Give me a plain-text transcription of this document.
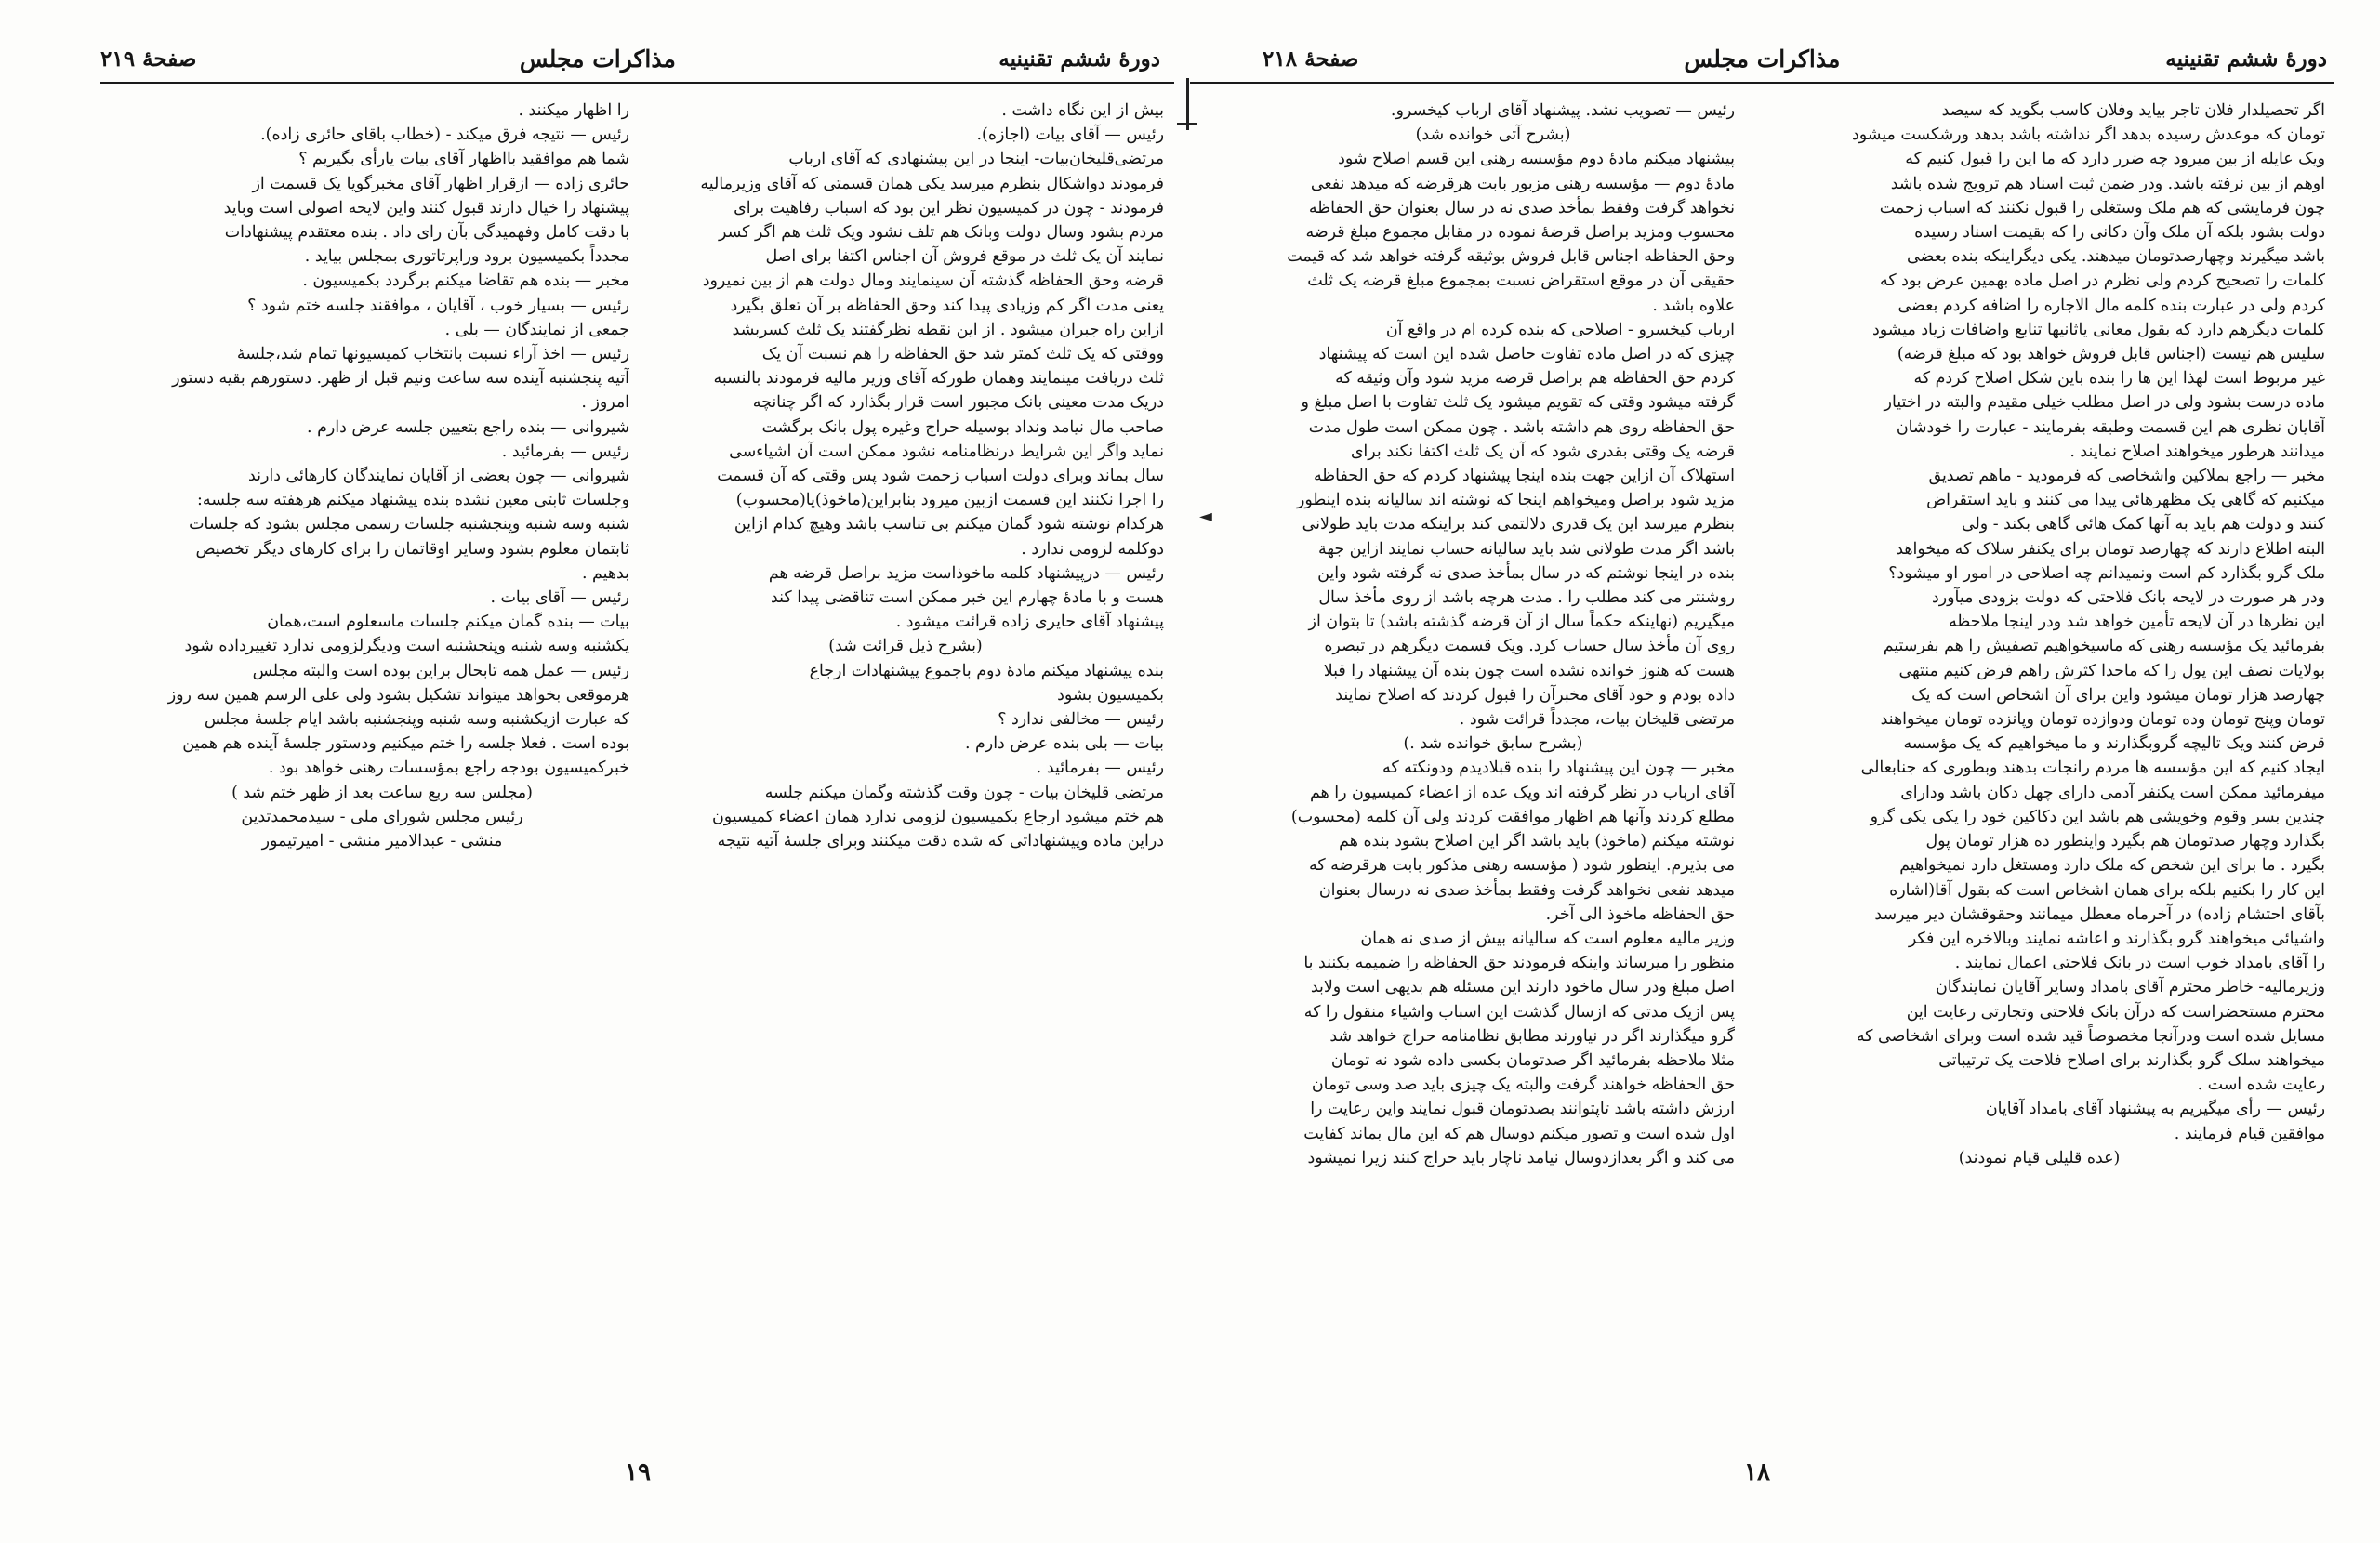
دورهٔ ششم تقنینیه
مذاکرات مجلس
صفحهٔ ۲۱۹

بیش از این نگاه داشت .

رئیس — آقای بیات (اجازه).

مرتضی‌قلیخان‌بیات- اینجا در این پیشنهادی که آقای ارباب

فرمودند دواشکال بنظرم میرسد یکی همان قسمتی که آقای وزیرمالیه

فرمودند - چون در کمیسیون نظر این بود که اسباب رفاهیت برای

مردم بشود وسال دولت وبانک هم تلف نشود ویک ثلث هم اگر کسر

نمایند آن یک ثلث در موقع فروش آن اجناس اکتفا برای اصل

قرضه وحق الحفاظه گذشته آن سینمایند ومال دولت هم از بین نمیرود

یعنی مدت اگر کم وزیادی پیدا کند وحق الحفاظه بر آن تعلق بگیرد

ازاین راه جبران میشود . از این نقطه نظرگفتند یک ثلث کسربشد

ووقتی که یک ثلث کمتر شد حق الحفاظه را هم نسبت آن یک

ثلث دریافت مینمایند وهمان طورکه آقای وزیر مالیه فرمودند بالنسبه

دریک مدت معینی بانک مجبور است قرار بگذارد که اگر چنانچه

صاحب مال نیامد ونداد بوسیله حراج وغیره پول بانک برگشت

نماید واگر این شرایط درنظامنامه نشود ممکن است آن اشیاءسی

سال بماند وبرای دولت اسباب زحمت شود پس وقتی که آن قسمت

را اجرا نکنند این قسمت ازبین میرود بنابراین(ماخوذ)یا(محسوب)

هرکدام نوشته شود گمان میکنم بی تناسب باشد وهیچ کدام ازاین

دوکلمه لزومی ندارد .

رئیس — درپیشنهاد کلمه ماخوذاست مزید براصل قرضه هم

هست و با مادهٔ چهارم این خبر ممکن است تناقضی پیدا کند

پیشنهاد آقای حایری زاده قرائت میشود .

(بشرح ذیل قرائت شد)

بنده پیشنهاد میکنم مادهٔ دوم باجموع پیشنهادات ارجاع

بکمیسیون بشود

رئیس — مخالفی ندارد ؟

بیات — بلی بنده عرض دارم .

رئیس — بفرمائید .

مرتضی قلیخان بیات - چون وقت گذشته وگمان میکنم جلسه

هم ختم میشود ارجاع بکمیسیون لزومی ندارد همان اعضاء کمیسیون

دراین ماده وپیشنهاداتی که شده دقت میکنند وبرای جلسهٔ آتیه نتیجه

را اظهار میکنند .

رئیس — نتیجه فرق میکند - (خطاب باقای حائری زاده).

شما هم موافقید بااظهار آقای بیات یارأی بگیریم ؟

حائری زاده — ازقرار اظهار آقای مخبرگویا یک قسمت از

پیشنهاد را خیال دارند قبول کنند واین لایحه اصولی است وباید

با دقت کامل وفهمیدگی بآن رای داد . بنده معتقدم پیشنهادات

مجدداً بکمیسیون برود وراپرتاتوری بمجلس بیاید .

مخبر — بنده هم تقاضا میکنم برگردد بکمیسیون .

رئیس — بسیار خوب ، آقایان ، موافقند جلسه ختم شود ؟

جمعی از نمایندگان — بلی .

رئیس — اخذ آراء نسبت بانتخاب کمیسیونها تمام شد،جلسهٔ

آتیه پنجشنبه آینده سه ساعت ونیم قبل از ظهر. دستورهم بقیه دستور

امروز .

شیروانی — بنده راجع بتعیین جلسه عرض دارم .

رئیس — بفرمائید .

شیروانی — چون بعضی از آقایان نمایندگان کارهائی دارند

وجلسات ثابتی معین نشده بنده پیشنهاد میکنم هرهفته سه جلسه:

شنبه وسه شنبه وپنجشنبه جلسات رسمی مجلس بشود که جلسات

ثابتمان معلوم بشود وسایر اوقاتمان را برای کارهای دیگر تخصیص

بدهیم .

رئیس — آقای بیات .

بیات — بنده گمان میکنم جلسات ماسعلوم است،همان

یکشنبه وسه شنبه وپنجشنبه است ودیگرلزومی ندارد تغییرداده شود

رئیس — عمل همه تابحال براین بوده است والبته مجلس

هرموقعی بخواهد میتواند تشکیل بشود ولی علی الرسم همین سه روز

که عبارت ازیکشنبه وسه شنبه وپنجشنبه باشد ایام جلسهٔ مجلس

بوده است . فعلا جلسه را ختم میکنیم ودستور جلسهٔ آینده هم همین

خبرکمیسیون بودجه راجع بمؤسسات رهنی خواهد بود .

(مجلس سه ربع ساعت بعد از ظهر ختم شد )

رئیس مجلس شورای ملی - سیدمحمدتدین

منشی - عبدالامیر منشی - امیرتیمور

۱۹
دورهٔ ششم تقنینیه
مذاکرات مجلس
صفحهٔ ۲۱۸
◄

اگر تحصیلدار فلان تاجر بیاید وفلان کاسب بگوید که سیصد

تومان که موعدش رسیده بدهد اگر نداشته باشد بدهد ورشکست میشود

ویک عایله از بین میرود چه ضرر دارد که ما این را قبول کنیم که

اوهم از بین نرفته باشد. ودر ضمن ثبت اسناد هم ترویج شده باشد

چون فرمایشی که هم ملک وستغلی را قبول نکنند که اسباب زحمت

دولت بشود بلکه آن ملک وآن دکانی را که بقیمت اسناد رسیده

باشد میگیرند وچهارصدتومان میدهند. یکی دیگراینکه بنده بعضی

کلمات را تصحیح کردم ولی نظرم در اصل ماده بهمین عرض بود که

کردم ولی در عبارت بنده کلمه مال الاجاره را اضافه کردم بعضی

کلمات دیگرهم دارد که بقول معانی یاثانیها تنابع واضافات زیاد میشود

سلیس هم نیست (اجناس قابل فروش خواهد بود که مبلغ قرضه)

غیر مربوط است لهذا این ها را بنده باین شکل اصلاح کردم که

ماده درست بشود ولی در اصل مطلب خیلی مقیدم والبته در اختیار

آقایان نظری هم این قسمت وطبقه بفرمایند - عبارت را خودشان

میدانند هرطور میخواهند اصلاح نمایند .

مخبر — راجع بملاکین واشخاصی که فرمودید - ماهم تصدیق

میکنیم که گاهی یک مظهرهائی پیدا می کنند و باید استقراض

کنند و دولت هم باید به آنها کمک هائی گاهی بکند - ولی

البته اطلاع دارند که چهارصد تومان برای یکنفر سلاک که میخواهد

ملک گرو بگذارد کم است ونمیدانم چه اصلاحی در امور او میشود؟

ودر هر صورت در لایحه بانک فلاحتی که دولت بزودی میآورد

این نظرها در آن لایحه تأمین خواهد شد ودر اینجا ملاحظه

بفرمائید یک مؤسسه رهنی که ماسیخواهیم تصفیش را هم بفرستیم

بولایات نصف این پول را که ماحدا کثرش راهم فرض کنیم منتهی

چهارصد هزار تومان میشود واین برای آن اشخاص است که یک

تومان وپنج تومان وده تومان ودوازده تومان وپانزده تومان میخواهند

قرض کنند ویک تالیچه گروبگذارند و ما میخواهیم که یک مؤسسه

ایجاد کنیم که این مؤسسه ها مردم رانجات بدهند وبطوری که جنابعالی

میفرمائید ممکن است یکنفر آدمی دارای چهل دکان باشد ودارای

چندین بسر وقوم وخویشی هم باشد این دکاکین خود را یکی یکی گرو

بگذارد وچهار صدتومان هم بگیرد واینطور ده هزار تومان پول

بگیرد . ما برای این شخص که ملک دارد ومستغل دارد نمیخواهیم

این کار را بکنیم بلکه برای همان اشخاص است که بقول آقا(اشاره

بآقای احتشام زاده) در آخرماه معطل میمانند وحقوقشان دیر میرسد

واشیائی میخواهند گرو بگذارند و اعاشه نمایند وبالاخره این فکر

را آقای بامداد خوب است در بانک فلاحتی اعمال نمایند .

وزیرمالیه- خاطر محترم آقای بامداد وسایر آقایان نمایندگان

محترم مستحضراست که درآن بانک فلاحتی وتجارتی رعایت این

مسایل شده است ودرآنجا مخصوصاً قید شده است وبرای اشخاصی که

میخواهند سلک گرو بگذارند برای اصلاح فلاحت یک ترتیباتی

رعایت شده است .

رئیس — رأی میگیریم به پیشنهاد آقای بامداد آقایان

موافقین قیام فرمایند .

(عده قلیلی قیام نمودند)

رئیس — تصویب نشد. پیشنهاد آقای ارباب کیخسرو.

(بشرح آتی خوانده شد)

پیشنهاد میکنم مادهٔ دوم مؤسسه رهنی این قسم اصلاح شود

مادهٔ دوم — مؤسسه رهنی مزبور بابت هرقرضه که میدهد نفعی

نخواهد گرفت وفقط بمأخذ صدی نه در سال بعنوان حق الحفاظه

محسوب ومزید براصل قرضهٔ نموده در مقابل مجموع مبلغ قرضه

وحق الحفاظه اجناس قابل فروش بوثیقه گرفته خواهد شد که قیمت

حقیقی آن در موقع استقراض نسبت بمجموع مبلغ قرضه یک ثلث

علاوه باشد .

ارباب کیخسرو - اصلاحی که بنده کرده ام در واقع آن

چیزی که در اصل ماده تفاوت حاصل شده این است که پیشنهاد

کردم حق الحفاظه هم براصل قرضه مزید شود وآن وثیقه که

گرفته میشود وقتی که تقویم میشود یک ثلث تفاوت با اصل مبلغ و

حق الحفاظه روی هم داشته باشد . چون ممکن است طول مدت

قرضه یک وقتی بقدری شود که آن یک ثلث اکتفا نکند برای

استهلاک آن ازاین جهت بنده اینجا پیشنهاد کردم که حق الحفاظه

مزید شود براصل ومیخواهم اینجا که نوشته اند سالیانه بنده اینطور

بنظرم میرسد این یک قدری دلالتمی کند براینکه مدت باید طولانی

باشد اگر مدت طولانی شد باید سالیانه حساب نمایند ازاین جهة

بنده در اینجا نوشتم که در سال بمأخذ صدی نه گرفته شود واین

روشنتر می کند مطلب را . مدت هرچه باشد از روی مأخذ سال

میگیریم (نهاینکه حکماً سال از آن قرضه گذشته باشد) تا بتوان از

روی آن مأخذ سال حساب کرد. ویک قسمت دیگرهم در تبصره

هست که هنوز خوانده نشده است چون بنده آن پیشنهاد را قبلا

داده بودم و خود آقای مخبرآن را قبول کردند که اصلاح نمایند

مرتضی قلیخان بیات، مجدداً قرائت شود .

(بشرح سابق خوانده شد .)

مخبر — چون این پیشنهاد را بنده قبلادیدم ودونکته که

آقای ارباب در نظر گرفته اند ویک عده از اعضاء کمیسیون را هم

مطلع کردند وآنها هم اظهار موافقت کردند ولی آن کلمه (محسوب)

نوشته میکنم (ماخوذ) باید باشد اگر این اصلاح بشود بنده هم

می بذیرم. اینطور شود ( مؤسسه رهنی مذکور بابت هرقرضه که

میدهد نفعی نخواهد گرفت وفقط بمأخذ صدی نه درسال بعنوان

حق الحفاظه ماخوذ الی آخر.

وزیر مالیه معلوم است که سالیانه بیش از صدی نه همان

منظور را میرساند واینکه فرمودند حق الحفاظه را ضمیمه بکنند با

اصل مبلغ ودر سال ماخوذ دارند این مسئله هم بدیهی است ولابد

پس ازیک مدتی که ازسال گذشت این اسباب واشیاء منقول را که

گرو میگذارند اگر در نیاورند مطابق نظامنامه حراج خواهد شد

مثلا ملاحظه بفرمائید اگر صدتومان بکسی داده شود نه تومان

حق الحفاظه خواهند گرفت والبته یک چیزی باید صد وسی تومان

ارزش داشته باشد تاپتوانند بصدتومان قبول نمایند واین رعایت را

اول شده است و تصور میکنم دوسال هم که این مال بماند کفایت

می کند و اگر بعدازدوسال نیامد ناچار باید حراج کنند زیرا نمیشود

۱۸
